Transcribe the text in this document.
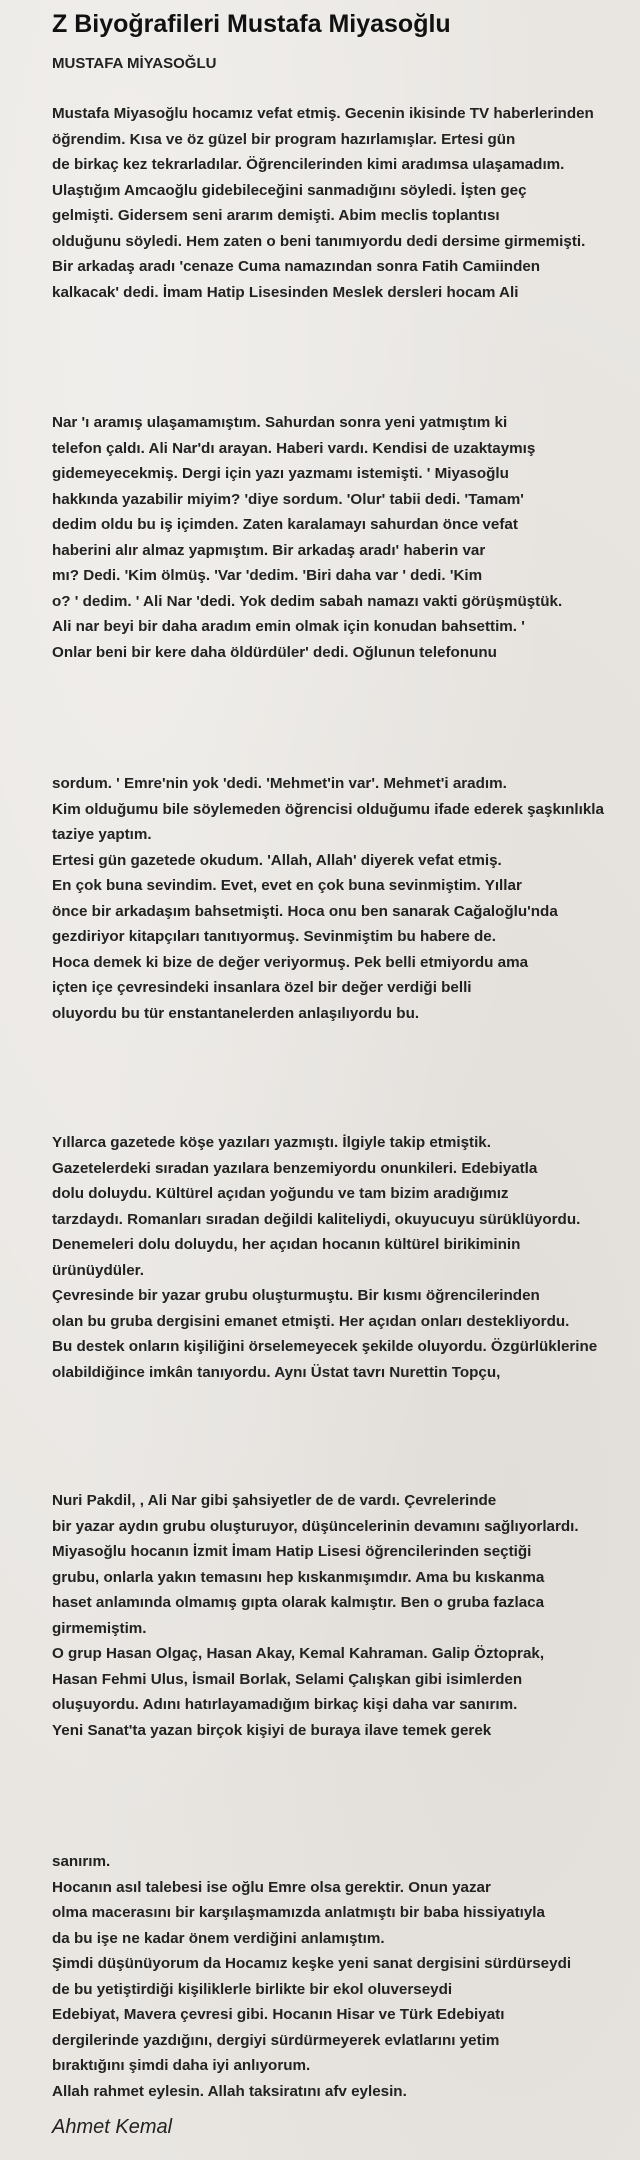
Z Biyoğrafileri Mustafa Miyasoğlu
MUSTAFA MİYASOĞLU
Mustafa Miyasoğlu hocamız vefat etmiş. Gecenin ikisinde TV haberlerinden
öğrendim. Kısa ve öz güzel bir program hazırlamışlar. Ertesi gün
de birkaç kez tekrarladılar. Öğrencilerinden kimi aradımsa ulaşamadım.
Ulaştığım Amcaoğlu gidebileceğini sanmadığını söyledi. İşten geç
gelmişti. Gidersem seni ararım demişti. Abim meclis toplantısı
olduğunu söyledi. Hem zaten o beni tanımıyordu dedi dersime girmemişti.
Bir arkadaş aradı 'cenaze Cuma namazından sonra Fatih Camiinden
kalkacak' dedi. İmam Hatip Lisesinden Meslek dersleri hocam Ali
Nar 'ı aramış ulaşamamıştım. Sahurdan sonra yeni yatmıştım ki
telefon çaldı. Ali Nar'dı arayan. Haberi vardı. Kendisi de uzaktaymış
gidemeyecekmiş. Dergi için yazı yazmamı istemişti. ' Miyasoğlu
hakkında yazabilir miyim? 'diye sordum. 'Olur' tabii dedi. 'Tamam'
dedim oldu bu iş içimden. Zaten karalamayı sahurdan önce vefat
haberini alır almaz yapmıştım. Bir arkadaş aradı' haberin var
mı? Dedi. 'Kim ölmüş. 'Var 'dedim. 'Biri daha var ' dedi. 'Kim
o? ' dedim. ' Ali Nar 'dedi. Yok dedim sabah namazı vakti görüşmüştük.
Ali nar beyi bir daha aradım emin olmak için konudan bahsettim. '
Onlar beni bir kere daha öldürdüler' dedi. Oğlunun telefonunu
sordum. ' Emre'nin yok 'dedi. 'Mehmet'in var'. Mehmet'i aradım.
Kim olduğumu bile söylemeden öğrencisi olduğumu ifade ederek şaşkınlıkla
taziye yaptım.
Ertesi gün gazetede okudum. 'Allah, Allah' diyerek vefat etmiş.
En çok buna sevindim. Evet, evet en çok buna sevinmiştim. Yıllar
önce bir arkadaşım bahsetmişti. Hoca onu ben sanarak Cağaloğlu'nda
gezdiriyor kitapçıları tanıtıyormuş. Sevinmiştim bu habere de.
Hoca demek ki bize de değer veriyormuş. Pek belli etmiyordu ama
içten içe çevresindeki insanlara özel bir değer verdiği belli
oluyordu bu tür enstantanelerden anlaşılıyordu bu.
Yıllarca gazetede köşe yazıları yazmıştı. İlgiyle takip etmiştik.
Gazetelerdeki sıradan yazılara benzemiyordu onunkileri. Edebiyatla
dolu doluydu. Kültürel açıdan yoğundu ve tam bizim aradığımız
tarzdaydı. Romanları sıradan değildi kaliteliydi, okuyucuyu sürüklüyordu.
Denemeleri dolu doluydu, her açıdan hocanın kültürel birikiminin
ürünüydüler.
Çevresinde bir yazar grubu oluşturmuştu. Bir kısmı öğrencilerinden
olan bu gruba dergisini emanet etmişti. Her açıdan onları destekliyordu.
Bu destek onların kişiliğini örselemeyecek şekilde oluyordu. Özgürlüklerine
olabildiğince imkân tanıyordu. Aynı Üstat tavrı Nurettin Topçu,
Nuri Pakdil, , Ali Nar gibi şahsiyetler de de vardı. Çevrelerinde
bir yazar aydın grubu oluşturuyor, düşüncelerinin devamını sağlıyorlardı.
Miyasoğlu hocanın İzmit İmam Hatip Lisesi öğrencilerinden seçtiği
grubu, onlarla yakın temasını hep kıskanmışımdır. Ama bu kıskanma
haset anlamında olmamış gıpta olarak kalmıştır. Ben o gruba fazlaca
girmemiştim.
O grup Hasan Olgaç, Hasan Akay, Kemal Kahraman. Galip Öztoprak,
Hasan Fehmi Ulus, İsmail Borlak, Selami Çalışkan gibi isimlerden
oluşuyordu. Adını hatırlayamadığım birkaç kişi daha var sanırım.
Yeni Sanat'ta yazan birçok kişiyi de buraya ilave temek gerek
sanırım.
Hocanın asıl talebesi ise oğlu Emre olsa gerektir. Onun yazar
olma macerasını bir karşılaşmamızda anlatmıştı bir baba hissiyatıyla
da bu işe ne kadar önem verdiğini anlamıştım.
Şimdi düşünüyorum da Hocamız keşke yeni sanat dergisini sürdürseydi
de bu yetiştirdiği kişiliklerle birlikte bir ekol oluverseydi
Edebiyat, Mavera çevresi gibi. Hocanın Hisar ve Türk Edebiyatı
dergilerinde yazdığını, dergiyi sürdürmeyerek evlatlarını yetim
bıraktığını şimdi daha iyi anlıyorum.
Allah rahmet eylesin. Allah taksiratını afv eylesin.
Ahmet Kemal
